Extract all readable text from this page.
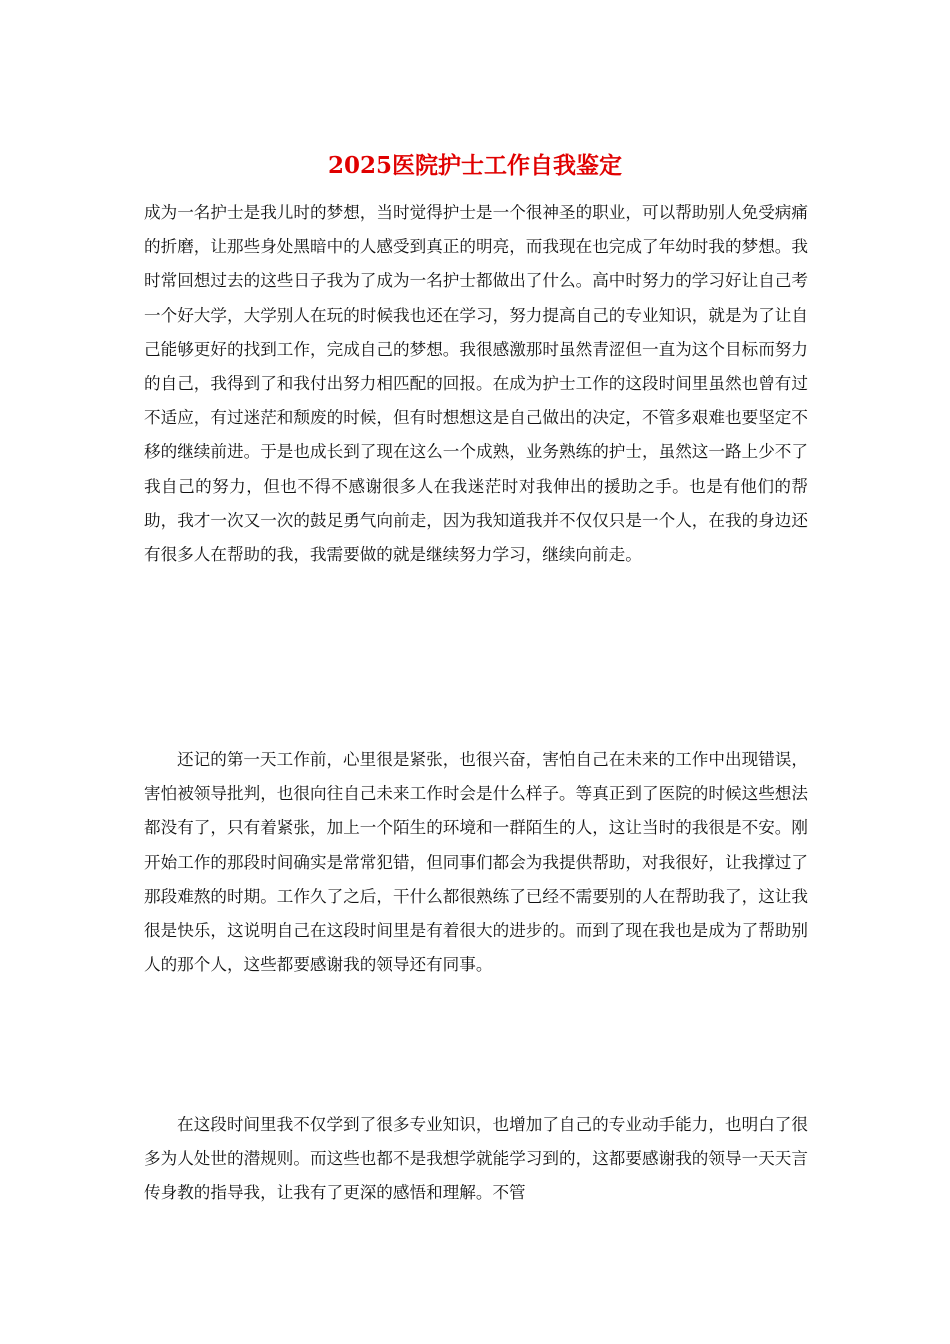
2025医院护士工作自我鉴定

成为一名护士是我儿时的梦想，当时觉得护士是一个很神圣的职业，可以帮助别人免受病痛的折磨，让那些身处黑暗中的人感受到真正的明亮，而我现在也完成了年幼时我的梦想。我时常回想过去的这些日子我为了成为一名护士都做出了什么。高中时努力的学习好让自己考一个好大学，大学别人在玩的时候我也还在学习，努力提高自己的专业知识，就是为了让自己能够更好的找到工作，完成自己的梦想。我很感激那时虽然青涩但一直为这个目标而努力的自己，我得到了和我付出努力相匹配的回报。在成为护士工作的这段时间里虽然也曾有过不适应，有过迷茫和颓废的时候，但有时想想这是自己做出的决定，不管多艰难也要坚定不移的继续前进。于是也成长到了现在这么一个成熟，业务熟练的护士，虽然这一路上少不了我自己的努力，但也不得不感谢很多人在我迷茫时对我伸出的援助之手。也是有他们的帮助，我才一次又一次的鼓足勇气向前走，因为我知道我并不仅仅只是一个人，在我的身边还有很多人在帮助的我，我需要做的就是继续努力学习，继续向前走。

还记的第一天工作前，心里很是紧张，也很兴奋，害怕自己在未来的工作中出现错误，害怕被领导批判，也很向往自己未来工作时会是什么样子。等真正到了医院的时候这些想法都没有了，只有着紧张，加上一个陌生的环境和一群陌生的人，这让当时的我很是不安。刚开始工作的那段时间确实是常常犯错，但同事们都会为我提供帮助，对我很好，让我撑过了那段难熬的时期。工作久了之后，干什么都很熟练了已经不需要别的人在帮助我了，这让我很是快乐，这说明自己在这段时间里是有着很大的进步的。而到了现在我也是成为了帮助别人的那个人，这些都要感谢我的领导还有同事。

在这段时间里我不仅学到了很多专业知识，也增加了自己的专业动手能力，也明白了很多为人处世的潜规则。而这些也都不是我想学就能学习到的，这都要感谢我的领导一天天言传身教的指导我，让我有了更深的感悟和理解。不管
